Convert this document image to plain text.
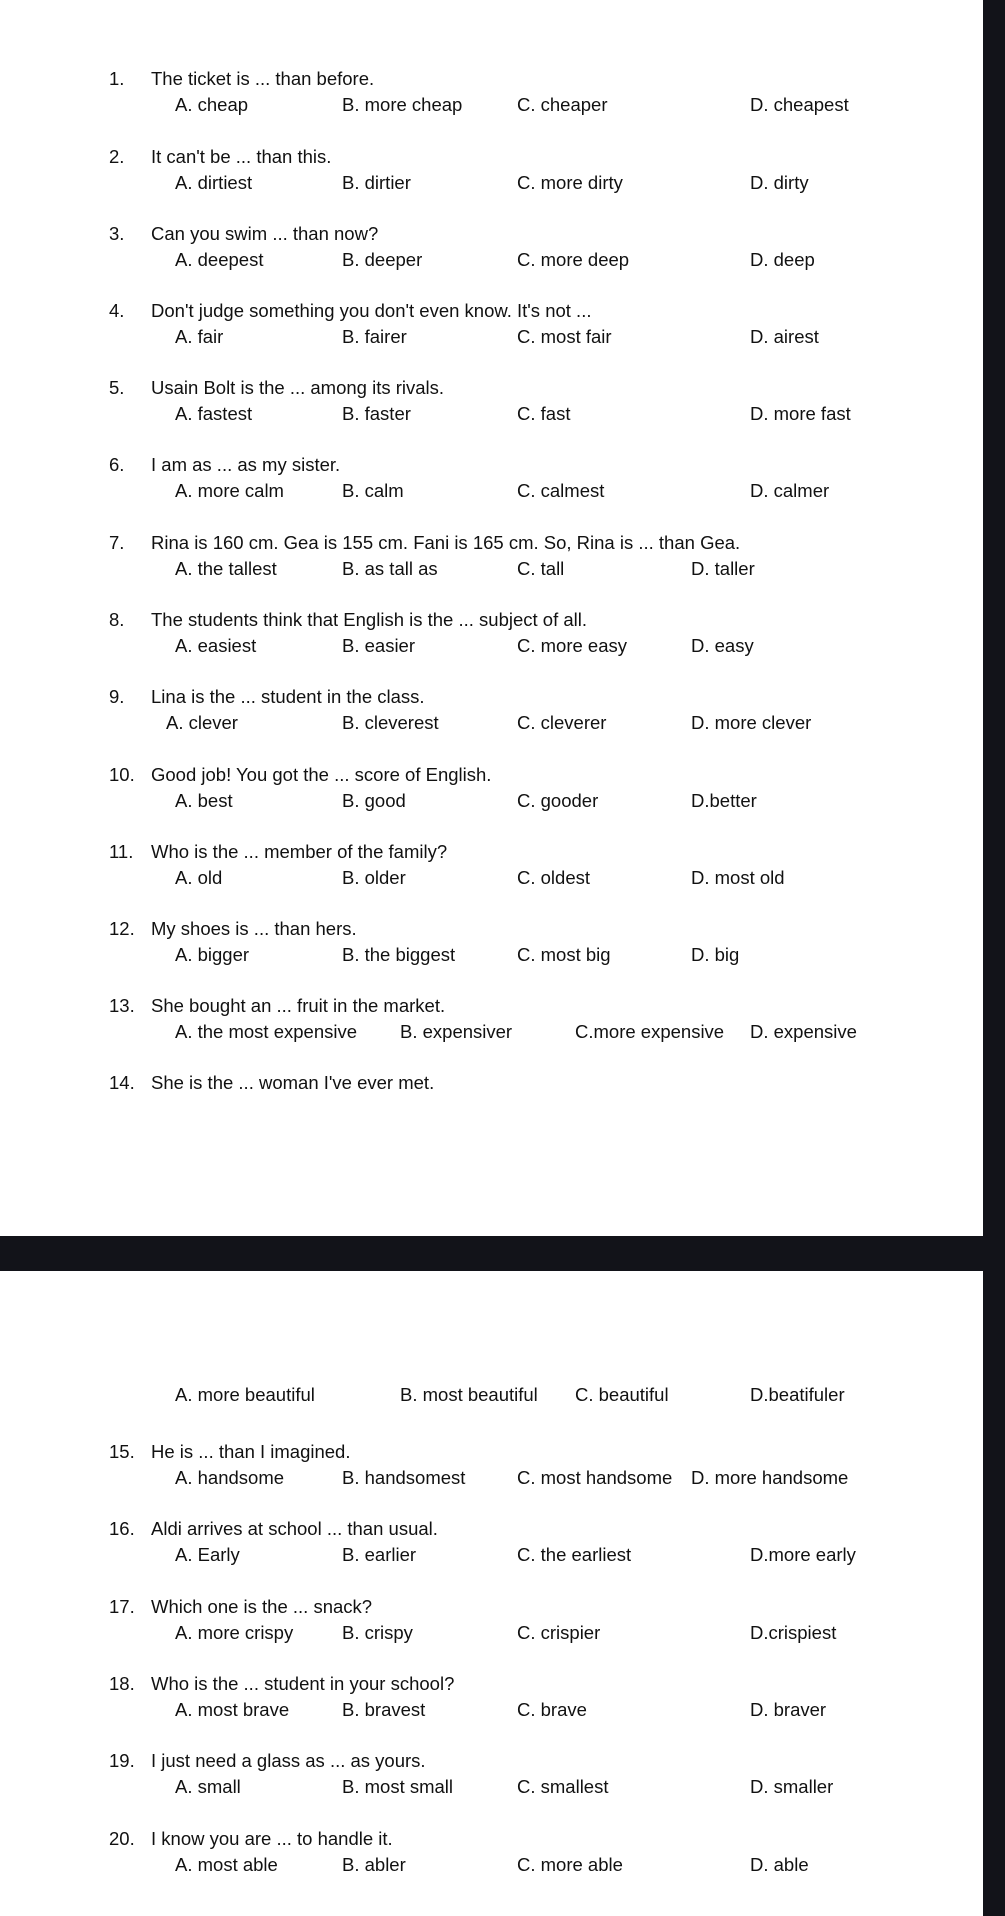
1. The ticket is ... than before.
A. cheap	B. more cheap	C. cheaper	D. cheapest
2. It can't be ... than this.
A. dirtiest	B. dirtier	C. more dirty	D. dirty
3. Can you swim ... than now?
A. deepest	B. deeper	C. more deep	D. deep
4. Don't judge something you don't even know. It's not ...
A. fair	B. fairer	C. most fair	D. airest
5. Usain Bolt is the ... among its rivals.
A. fastest	B. faster	C. fast	D. more fast
6. I am as ... as my sister.
A. more calm	B. calm	C. calmest	D. calmer
7. Rina is 160 cm. Gea is 155 cm. Fani is 165 cm. So, Rina is ... than Gea.
A. the tallest	B. as tall as	C. tall	D. taller
8. The students think that English is the ... subject of all.
A. easiest	B. easier	C. more easy	D. easy
9. Lina is the ... student in the class.
A. clever	B. cleverest	C. cleverer	D. more clever
10. Good job! You got the ... score of English.
A. best	B. good	C. gooder	D.better
11. Who is the ... member of the family?
A. old	B. older	C. oldest	D. most old
12. My shoes is ... than hers.
A. bigger	B. the biggest	C. most big	D. big
13. She bought an ... fruit in the market.
A. the most expensive B. expensiver	C.more expensive D. expensive
14. She is the ... woman I've ever met.
A. more beautiful	B. most beautiful C. beautiful	D.beatifuler
15. He is ... than I imagined.
A. handsome	B. handsomest	C. most handsome D. more handsome
16. Aldi arrives at school ... than usual.
A. Early	B. earlier	C. the earliest	D.more early
17. Which one is the ... snack?
A. more crispy	B. crispy	C. crispier	D.crispiest
18. Who is the ... student in your school?
A. most brave	B. bravest	C. brave	D. braver
19. I just need a glass as ... as yours.
A. small	B. most small	C. smallest	D. smaller
20. I know you are ... to handle it.
A. most able	B. abler	C. more able	D. able
